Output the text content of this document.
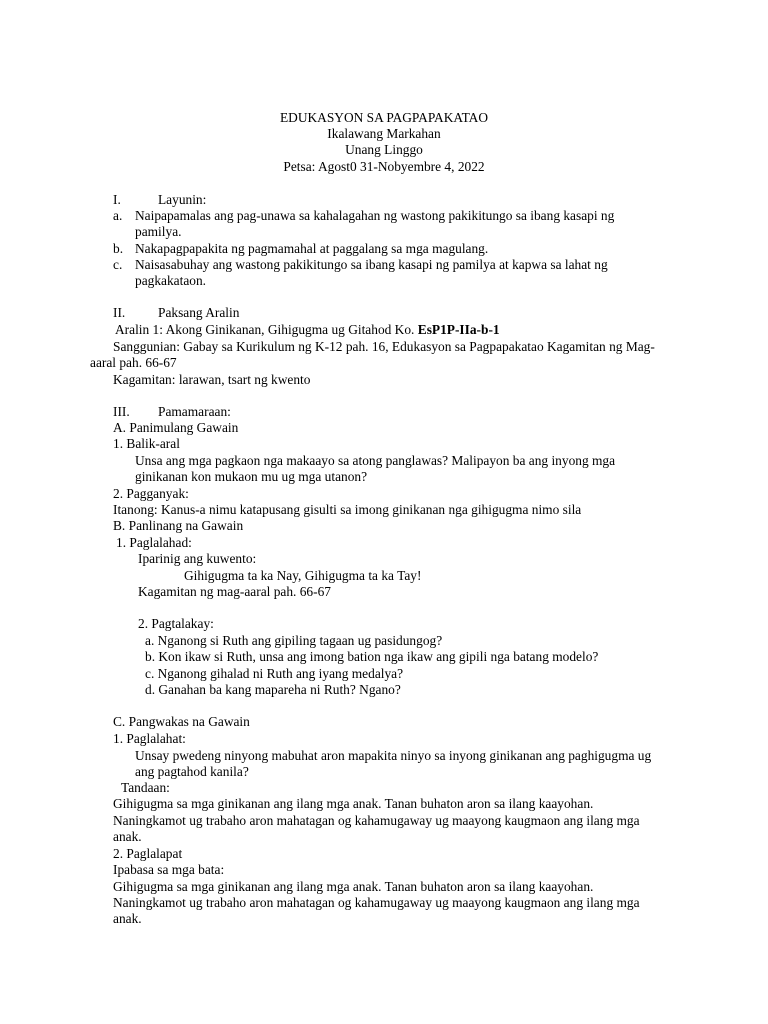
EDUKASYON SA PAGPAPAKATAO
Ikalawang Markahan
Unang Linggo
Petsa: Agost0 31-Nobyembre 4, 2022
I.	Layunin:
a. Naipapamalas ang pag-unawa sa kahalagahan ng wastong pakikitungo sa ibang kasapi ng
pamilya.
b. Nakapagpapakita ng pagmamahal at paggalang sa mga magulang.
c. Naisasabuhay ang wastong pakikitungo sa ibang kasapi ng pamilya at kapwa sa lahat ng
pagkakataon.
II. Paksang Aralin
Aralin 1: Akong Ginikanan, Gihigugma ug Gitahod Ko. EsP1P-IIa-b-1
Sanggunian: Gabay sa Kurikulum ng K-12 pah. 16, Edukasyon sa Pagpapakatao Kagamitan ng Mag-
aaral pah. 66-67
Kagamitan: larawan, tsart ng kwento
III. Pamamaraan:
A. Panimulang Gawain
1. Balik-aral
Unsa ang mga pagkaon nga makaayo sa atong panglawas? Malipayon ba ang inyong mga
ginikanan kon mukaon mu ug mga utanon?
2. Pagganyak:
Itanong: Kanus-a nimu katapusang gisulti sa imong ginikanan nga gihigugma nimo sila
B. Panlinang na Gawain
1. Paglalahad:
Iparinig ang kuwento:
Gihigugma ta ka Nay, Gihigugma ta ka Tay!
Kagamitan ng mag-aaral pah. 66-67
2. Pagtalakay:
a. Nganong si Ruth ang gipiling tagaan ug pasidungog?
b. Kon ikaw si Ruth, unsa ang imong bation nga ikaw ang gipili nga batang modelo?
c. Nganong gihalad ni Ruth ang iyang medalya?
d. Ganahan ba kang mapareha ni Ruth? Ngano?
C. Pangwakas na Gawain
1. Paglalahat:
Unsay pwedeng ninyong mabuhat aron mapakita ninyo sa inyong ginikanan ang paghigugma ug
ang pagtahod kanila?
Tandaan:
Gihigugma sa mga ginikanan ang ilang mga anak. Tanan buhaton aron sa ilang kaayohan.
Naningkamot ug trabaho aron mahatagan og kahamugaway ug maayong kaugmaon ang ilang mga
anak.
2. Paglalapat
Ipabasa sa mga bata:
Gihigugma sa mga ginikanan ang ilang mga anak. Tanan buhaton aron sa ilang kaayohan.
Naningkamot ug trabaho aron mahatagan og kahamugaway ug maayong kaugmaon ang ilang mga
anak.
